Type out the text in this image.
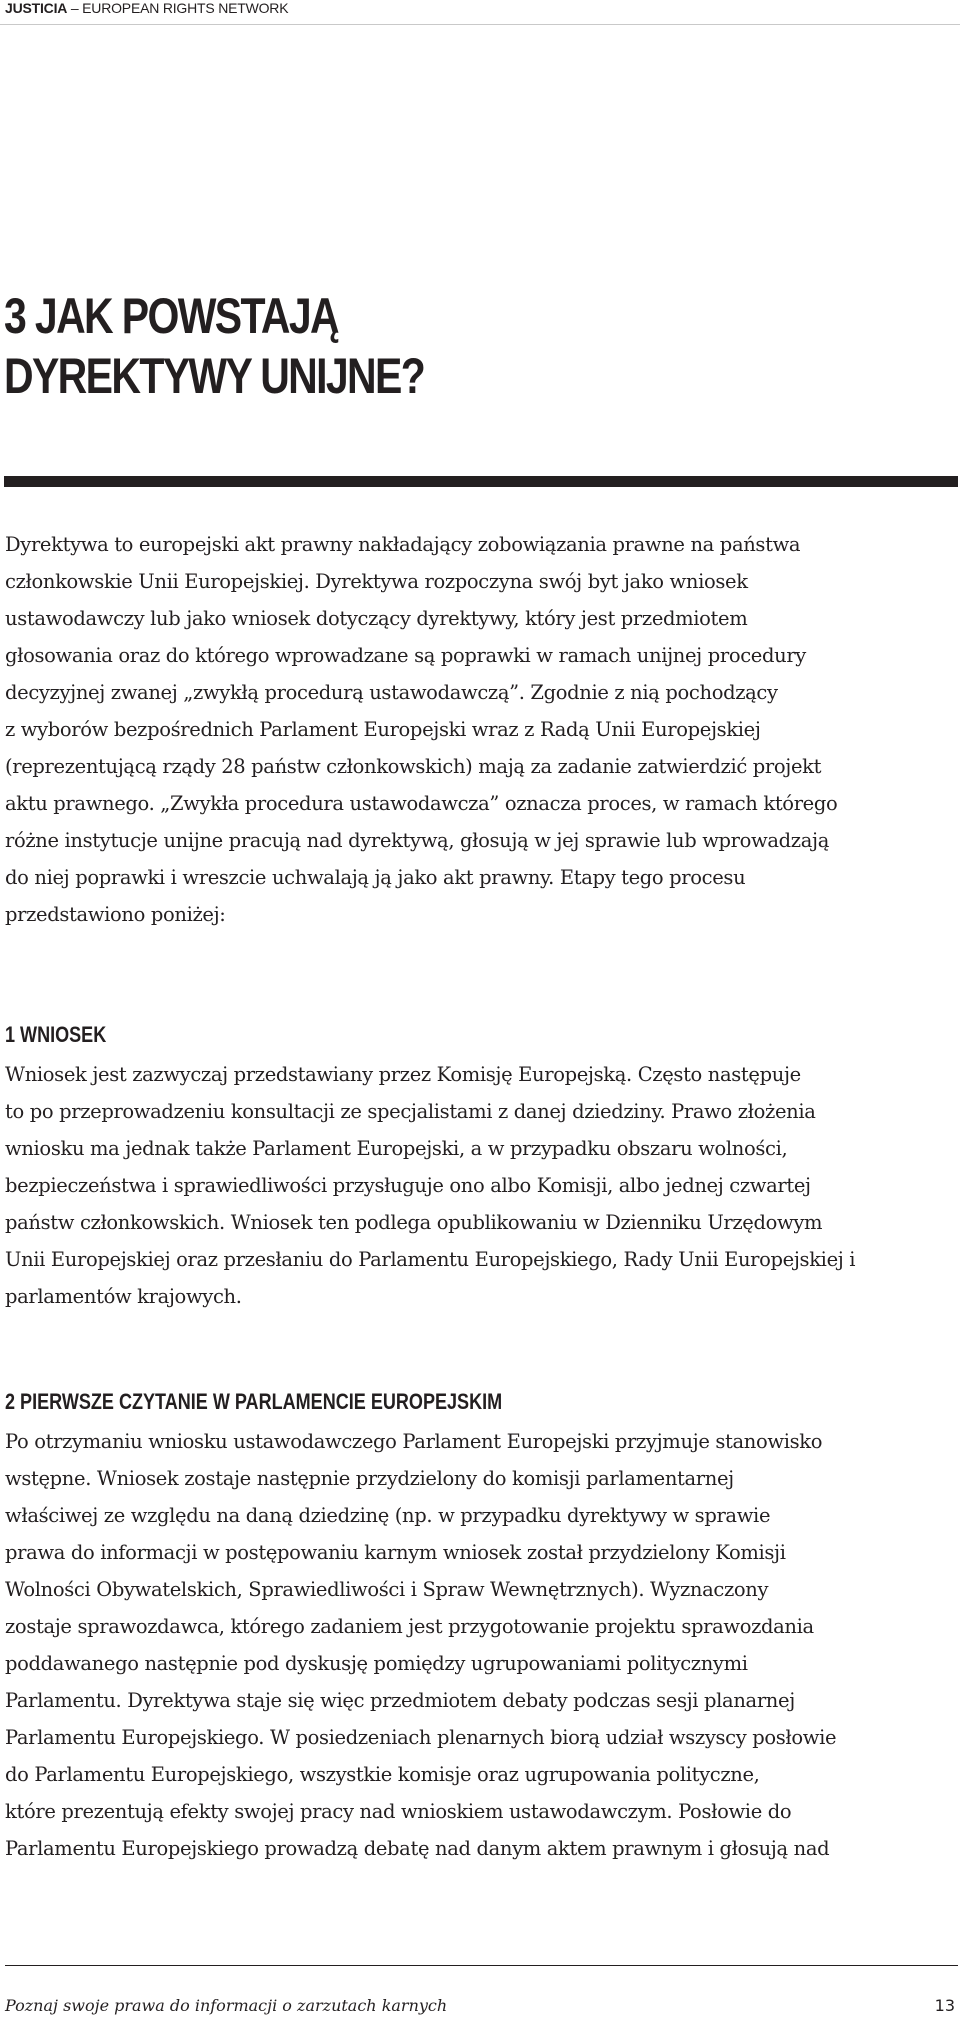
JUSTICIA – EUROPEAN RIGHTS NETWORK
3 JAK POWSTAJĄ
DYREKTYWY UNIJNE?

Dyrektywa to europejski akt prawny nakładający zobowiązania prawne na państwa
członkowskie Unii Europejskiej. Dyrektywa rozpoczyna swój byt jako wniosek
ustawodawczy lub jako wniosek dotyczący dyrektywy, który jest przedmiotem
głosowania oraz do którego wprowadzane są poprawki w ramach unijnej procedury
decyzyjnej zwanej „zwykłą procedurą ustawodawczą”. Zgodnie z nią pochodzący
z wyborów bezpośrednich Parlament Europejski wraz z Radą Unii Europejskiej
(reprezentującą rządy 28 państw członkowskich) mają za zadanie zatwierdzić projekt
aktu prawnego. „Zwykła procedura ustawodawcza” oznacza proces, w ramach którego
różne instytucje unijne pracują nad dyrektywą, głosują w jej sprawie lub wprowadzają
do niej poprawki i wreszcie uchwalają ją jako akt prawny. Etapy tego procesu
przedstawiono poniżej:

1 WNIOSEK

Wniosek jest zazwyczaj przedstawiany przez Komisję Europejską. Często następuje
to po przeprowadzeniu konsultacji ze specjalistami z danej dziedziny. Prawo złożenia
wniosku ma jednak także Parlament Europejski, a w przypadku obszaru wolności,
bezpieczeństwa i sprawiedliwości przysługuje ono albo Komisji, albo jednej czwartej
państw członkowskich. Wniosek ten podlega opublikowaniu w Dzienniku Urzędowym
Unii Europejskiej oraz przesłaniu do Parlamentu Europejskiego, Rady Unii Europejskiej i
parlamentów krajowych.

2 PIERWSZE CZYTANIE W PARLAMENCIE EUROPEJSKIM

Po otrzymaniu wniosku ustawodawczego Parlament Europejski przyjmuje stanowisko
wstępne. Wniosek zostaje następnie przydzielony do komisji parlamentarnej
właściwej ze względu na daną dziedzinę (np. w przypadku dyrektywy w sprawie
prawa do informacji w postępowaniu karnym wniosek został przydzielony Komisji
Wolności Obywatelskich, Sprawiedliwości i Spraw Wewnętrznych). Wyznaczony
zostaje sprawozdawca, którego zadaniem jest przygotowanie projektu sprawozdania
poddawanego następnie pod dyskusję pomiędzy ugrupowaniami politycznymi
Parlamentu. Dyrektywa staje się więc przedmiotem debaty podczas sesji planarnej
Parlamentu Europejskiego. W posiedzeniach plenarnych biorą udział wszyscy posłowie
do Parlamentu Europejskiego, wszystkie komisje oraz ugrupowania polityczne,
które prezentują efekty swojej pracy nad wnioskiem ustawodawczym. Posłowie do
Parlamentu Europejskiego prowadzą debatę nad danym aktem prawnym i głosują nad

Poznaj swoje prawa do informacji o zarzutach karnych	13
